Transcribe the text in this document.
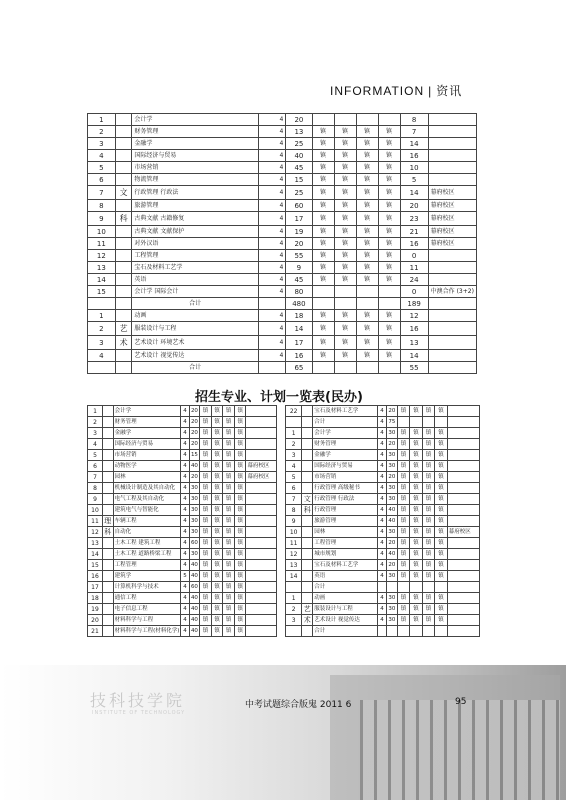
INFORMATION | 资讯
1		会计学	4	20					8	
2		财务管理	4	13	镇	镇	镇	镇	7	
3		金融学	4	25	镇	镇	镇	镇	14	
4		国际经济与贸易	4	40	镇	镇	镇	镇	16	
5		市场营销	4	45	镇	镇	镇	镇	10	
6		物流管理	4	15	镇	镇	镇	镇	5	
7	文	行政管理 行政法	4	25	镇	镇	镇	镇	14	幕府校区
8		旅游管理	4	60	镇	镇	镇	镇	20	幕府校区
9	科	古典文献 古籍修复	4	17	镇	镇	镇	镇	23	幕府校区
10		古典文献 文献保护	4	19	镇	镇	镇	镇	21	幕府校区
11		对外汉语	4	20	镇	镇	镇	镇	16	幕府校区
12		工程管理	4	55	镇	镇	镇	镇	0	
13		宝石及材料工艺学	4	9	镇	镇	镇	镇	11	
14		英语	4	45	镇	镇	镇	镇	24	
15		会计学 国际会计	4	80					0	中澳合作 (3+2)
		合计		480					189	
1		动画	4	18	镇	镇	镇	镇	12	
2	艺	服装设计与工程	4	14	镇	镇	镇	镇	16	
3	术	艺术设计 环境艺术	4	17	镇	镇	镇	镇	13	
4		艺术设计 视觉传达	4	16	镇	镇	镇	镇	14	
		合计		65					55	
招生专业、计划一览表(民办)
1		会计学	4	20	镇	镇	镇	镇	
2		财务管理	4	20	镇	镇	镇	镇	
3		金融学	4	20	镇	镇	镇	镇	
4		国际经济与贸易	4	20	镇	镇	镇	镇	
5		市场营销	4	15	镇	镇	镇	镇	
6		动物医学	4	40	镇	镇	镇	镇	幕府校区
7		园林	4	20	镇	镇	镇	镇	幕府校区
8		机械设计制造及其自动化	4	30	镇	镇	镇	镇	
9		电气工程及其自动化	4	30	镇	镇	镇	镇	
10		建筑电气与智能化	4	30	镇	镇	镇	镇	
11	理	车辆工程	4	30	镇	镇	镇	镇	
12	科	自动化	4	30	镇	镇	镇	镇	
13		土木工程 建筑工程	4	60	镇	镇	镇	镇	
14		土木工程 道路桥梁工程	4	30	镇	镇	镇	镇	
15		工程管理	4	40	镇	镇	镇	镇	
16		建筑学	5	40	镇	镇	镇	镇	
17		计算机科学与技术	4	60	镇	镇	镇	镇	
18		通信工程	4	40	镇	镇	镇	镇	
19		电子信息工程	4	40	镇	镇	镇	镇	
20		材料科学与工程	4	40	镇	镇	镇	镇	
21		材料科学与工程(材料化学)	4	40	镇	镇	镇	镇	
22		宝石及材料工艺学	4	20	镇	镇	镇	镇	
		合计	4	75					
1		会计学	4	30	镇	镇	镇	镇	
2		财务管理	4	20	镇	镇	镇	镇	
3		金融学	4	30	镇	镇	镇	镇	
4		国际经济与贸易	4	30	镇	镇	镇	镇	
5		市场营销	4	20	镇	镇	镇	镇	
6		行政管理 高级秘书	4	30	镇	镇	镇	镇	
7	文	行政管理 行政法	4	30	镇	镇	镇	镇	
8	科	行政管理	4	40	镇	镇	镇	镇	
9		旅游管理	4	40	镇	镇	镇	镇	
10		园林	4	30	镇	镇	镇	镇	幕府校区
11		工程管理	4	20	镇	镇	镇	镇	
12		城市规划	4	40	镇	镇	镇	镇	
13		宝石及材料工艺学	4	20	镇	镇	镇	镇	
14		英语	4	30	镇	镇	镇	镇	
		合计							
1		动画	4	30	镇	镇	镇	镇	
2	艺	服装设计与工程	4	30	镇	镇	镇	镇	
3	术	艺术设计 视觉传达	4	30	镇	镇	镇	镇	
		合计							
技科技学院
INSTITUTE OF TECHNOLOGY
中考试题综合版鬼 2011 6	95
